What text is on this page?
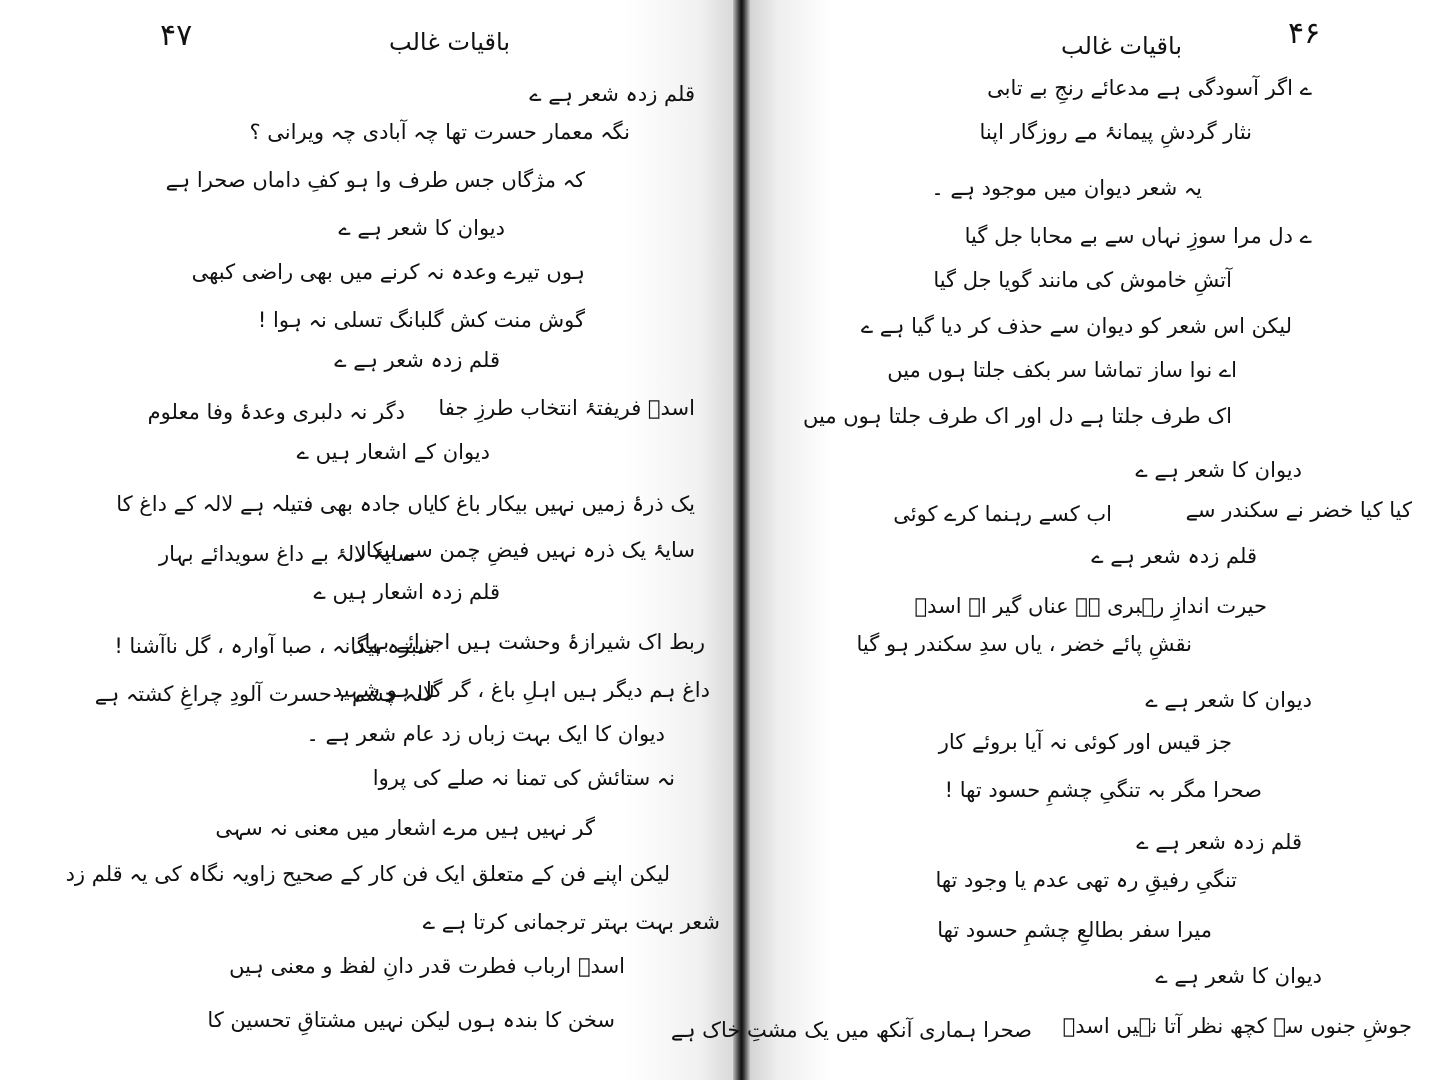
۴۷	باقیات غالب
قلم زدہ شعر ہے ے
نگہ معمار حسرت تھا چہ آبادی چہ ویرانی ؟
کہ مژگاں جس طرف وا ہو کفِ داماں صحرا ہے
دیوان کا شعر ہے ے
ہوں تیرے وعدہ نہ کرنے میں بھی راضی کبھی
گوش منت کش گلبانگ تسلی نہ ہوا !
قلم زدہ شعر ہے ے
اسدؔ فریفتۂ انتخاب طرزِ جفا
دگر نہ دلبری وعدۂ وفا معلوم
دیوان کے اشعار ہیں ے
یک ذرۂ زمیں نہیں بیکار باغ کا
یاں جادہ بھی فتیلہ ہے لالہ کے داغ کا
سایۂ یک ذرہ نہیں فیضِ چمن سے بیکار
سایۂ لالۂ بے داغ سویدائے بہار
قلم زدہ اشعار ہیں ے
ربط اک شیرازۂ وحشت ہیں اجزائے بہار
سبزہ بیگانہ ، صبا آوارہ ، گل ناآشنا !
داغ ہم دیگر ہیں اہلِ باغ ، گر گل ہو شہید
لالہ چشم ، حسرت آلودِ چراغِ کشتہ ہے
دیوان کا ایک بہت زباں زد عام شعر ہے ۔
نہ ستائش کی تمنا نہ صلے کی پروا
گر نہیں ہیں مرے اشعار میں معنی نہ سہی
لیکن اپنے فن کے متعلق ایک فن کار کے صحیح زاویہ نگاہ کی یہ قلم زد
شعر بہت بہتر ترجمانی کرتا ہے ے
اسدؔ ارباب فطرت قدر دانِ لفظ و معنی ہیں
سخن کا بندہ ہوں لیکن نہیں مشتاقِ تحسین کا
۴۶
باقیات غالب
ے اگر آسودگی ہے مدعائے رنجِ بے تابی
نثار گردشِ پیمانۂ مے روزگار اپنا
یہ شعر دیوان میں موجود ہے ۔
ے دل مرا سوزِ نہاں سے بے محابا جل گیا
آتشِ خاموش کی مانند گویا جل گیا
لیکن اس شعر کو دیوان سے حذف کر دیا گیا ہے ے
اے نوا ساز تماشا سر بکف جلتا ہوں میں
اک طرف جلتا ہے دل اور اک طرف جلتا ہوں میں
دیوان کا شعر ہے ے
کیا کیا خضر نے سکندر سے
اب کسے رہنما کرے کوئی
قلم زدہ شعر ہے ے
حیرت اندازِ رہبری ہے عناں گیر اے اسدؔ
نقشِ پائے خضر ، یاں سدِ سکندر ہو گیا
دیوان کا شعر ہے ے
جز قیس اور کوئی نہ آیا بروئے کار
صحرا مگر بہ تنگیِ چشمِ حسود تھا !
قلم زدہ شعر ہے ے
تنگیِ رفیقِ رہ تھی عدم یا وجود تھا
میرا سفر بطالعِ چشمِ حسود تھا
دیوان کا شعر ہے ے
جوشِ جنوں سے کچھ نظر آتا نہیں اسدؔ
صحرا ہماری آنکھ میں یک مشتِ خاک ہے
